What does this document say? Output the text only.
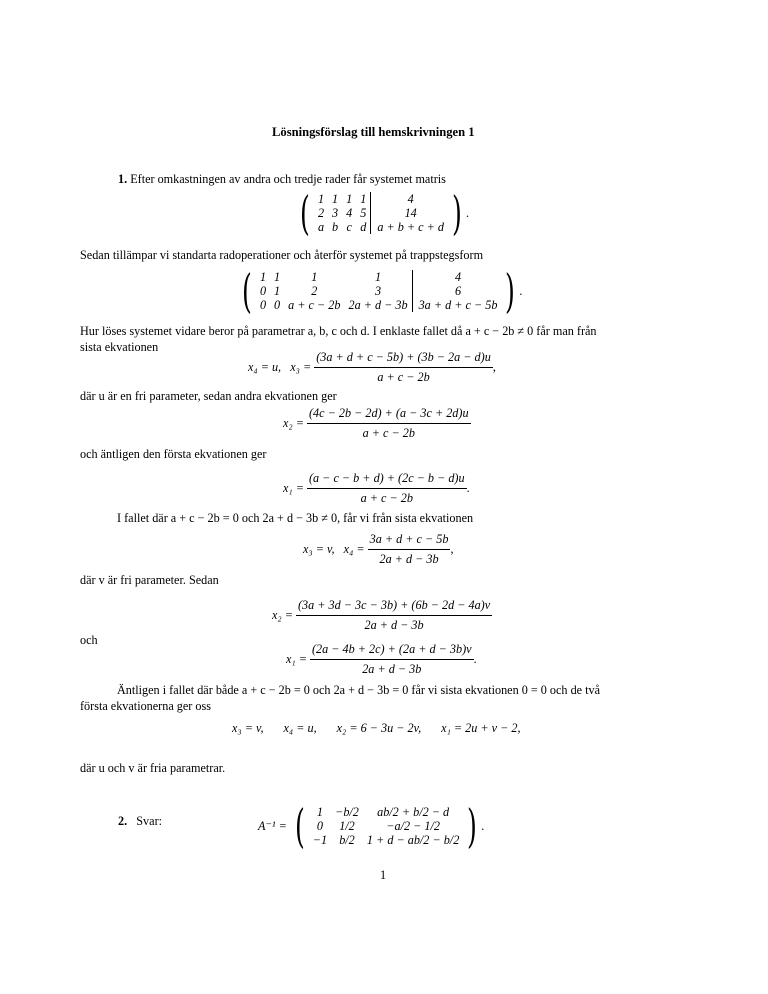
Lösningsförslag till hemskrivningen 1
1. Efter omkastningen av andra och tredje rader får systemet matris
( 1	1	1	1	4
2	3	4	5	14
a	b	c	d	a + b + c + d ) .
Sedan tillämpar vi standarta radoperationer och återför systemet på trappstegsform
( 1	1	1	1	4
0	1	2	3	6
0	0	a + c − 2b	2a + d − 3b	3a + d + c − 5b ) .
Hur löses systemet vidare beror på parametrar a, b, c och d. I enklaste fallet då a + c − 2b ≠ 0 får man från
sista ekvationen
x₄ = u,
x₃ =
$\frac{(3a + d + c - 5b) + (3b - 2a - d)u}{a + c - 2b}$ ,
där u är en fri parameter, sedan andra ekvationen ger
x₂ =
$\frac{(4c - 2b - 2d) + (a - 3c + 2d)u}{a + c - 2b}$
och äntligen den första ekvationen ger
x₁ =
$\frac{(a - c - b + d) + (2c - b - d)u}{a + c - 2b}$ .
I fallet där a + c − 2b = 0 och 2a + d − 3b ≠ 0, får vi från sista ekvationen
x₃ = v,
x₄ =
$\frac{3a + d + c - 5b}{2a + d - 3b}$ ,
där v är fri parameter. Sedan
x₂ =
$\frac{(3a + 3d - 3c - 3b) + (6b - 2d - 4a)v}{2a + d - 3b}$
och
x₁ =
$\frac{(2a - 4b + 2c) + (2a + d - 3b)v}{2a + d - 3b}$ .
Äntligen i fallet där både a + c − 2b = 0 och 2a + d − 3b = 0 får vi sista ekvationen 0 = 0 och de två
första ekvationerna ger oss
x₃ = v, x₄ = u, x₂ = 6 − 3u − 2v, x₁ = 2u + v − 2,
där u och v är fria parametrar.
2. Svar:	A⁻¹ = ( 1	−b/2	ab/2 + b/2 − d
0	1/2	−a/2 − 1/2
−1	b/2	1 + d − ab/2 − b/2 ) .
1
